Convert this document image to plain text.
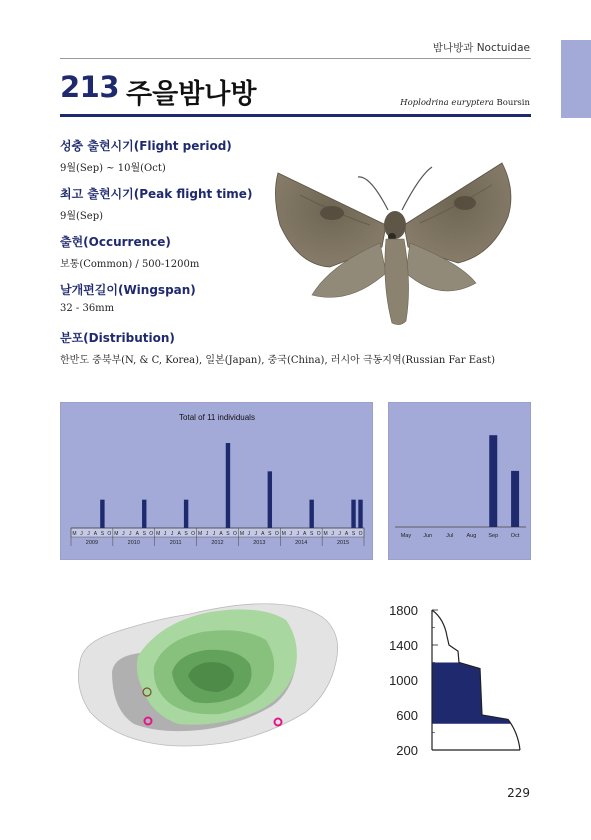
밤나방과 Noctuidae
213 주을밤나방	Hoplodrina euryptera Boursin
성충 출현시기(Flight period)
9월(Sep) ~ 10월(Oct)
최고 출현시기(Peak flight time)
9월(Sep)
출현(Occurrence)
보통(Common) / 500-1200m
날개편길이(Wingspan)
32 - 36mm
분포(Distribution)
한반도 중북부(N, & C, Korea), 일본(Japan), 중국(China), 러시아 극동지역(Russian Far East)
Total of 11 individuals
M J J A S O
2009
M J J A S O
2010
M J J A S O
2011
M J J A S O
2012
M J J A S O
2013
M J J A S O
2014
M J J A S O
2015
May Jun	Jul Aug Sep Oct
1800
1400
1000
600
200
229
